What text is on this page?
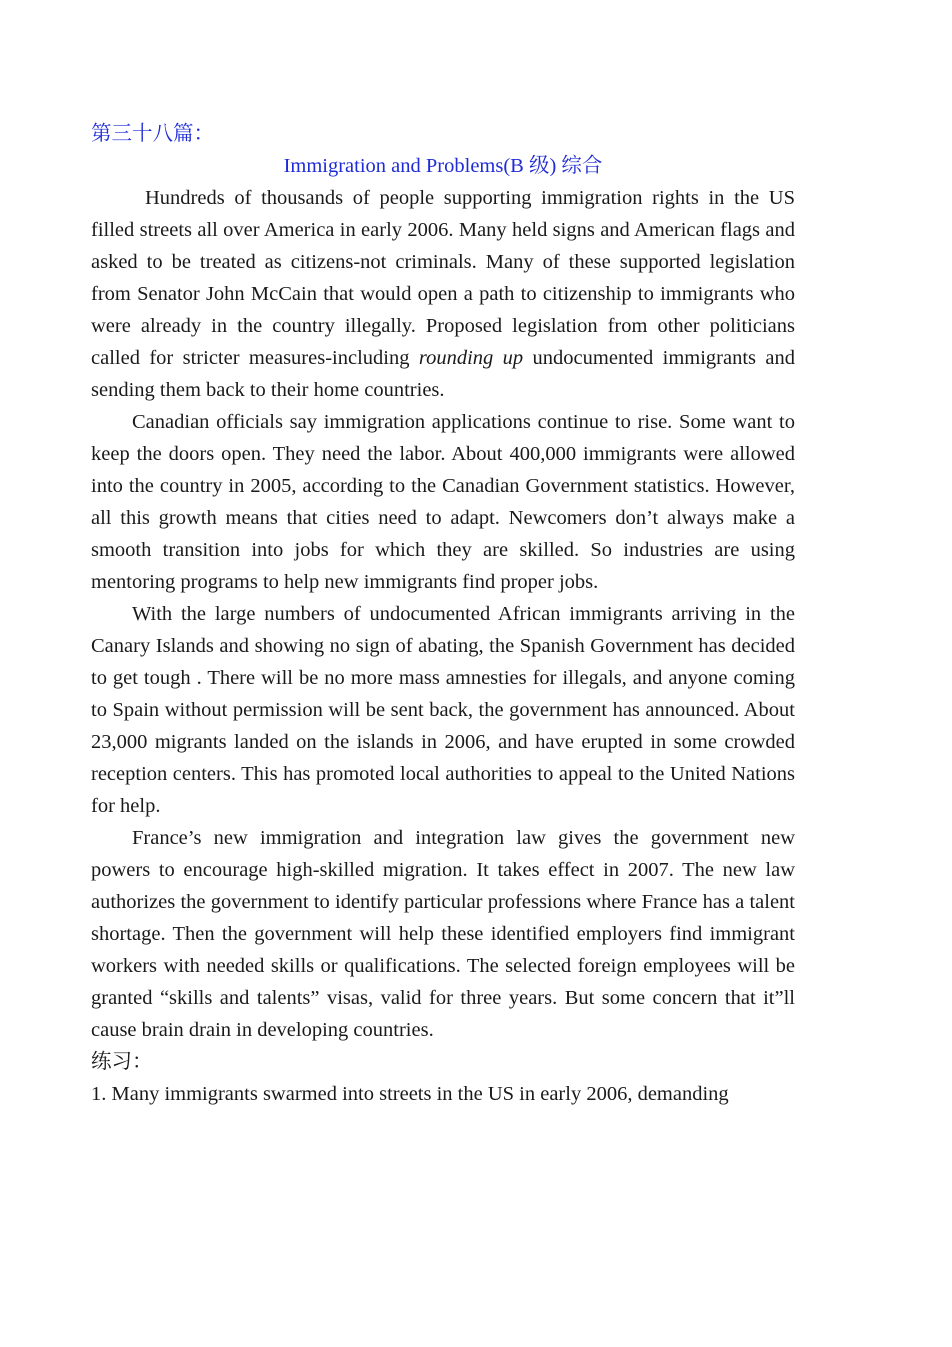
第三十八篇：
Immigration and Problems(B 级) 综合

Hundreds of thousands of people supporting immigration rights in the US filled streets all over America in early 2006. Many held signs and American flags and asked to be treated as citizens-not criminals. Many of these supported legislation from Senator John McCain that would open a path to citizenship to immigrants who were already in the country illegally. Proposed legislation from other politicians called for stricter measures-including rounding up undocumented immigrants and sending them back to their home countries.

Canadian officials say immigration applications continue to rise. Some want to keep the doors open. They need the labor. About 400,000 immigrants were allowed into the country in 2005, according to the Canadian Government statistics. However, all this growth means that cities need to adapt. Newcomers don’t always make a smooth transition into jobs for which they are skilled. So industries are using mentoring programs to help new immigrants find proper jobs.

With the large numbers of undocumented African immigrants arriving in the Canary Islands and showing no sign of abating, the Spanish Government has decided to get tough . There will be no more mass amnesties for illegals, and anyone coming to Spain without permission will be sent back, the government has announced. About 23,000 migrants landed on the islands in 2006, and have erupted in some crowded reception centers. This has promoted local authorities to appeal to the United Nations for help.

France’s new immigration and integration law gives the government new powers to encourage high-skilled migration. It takes effect in 2007. The new law authorizes the government to identify particular professions where France has a talent shortage. Then the government will help these identified employers find immigrant workers with needed skills or qualifications. The selected foreign employees will be granted “skills and talents” visas, valid for three years. But some concern that it”ll cause brain drain in developing countries.

练习：

1. Many immigrants swarmed into streets in the US in early 2006, demanding
